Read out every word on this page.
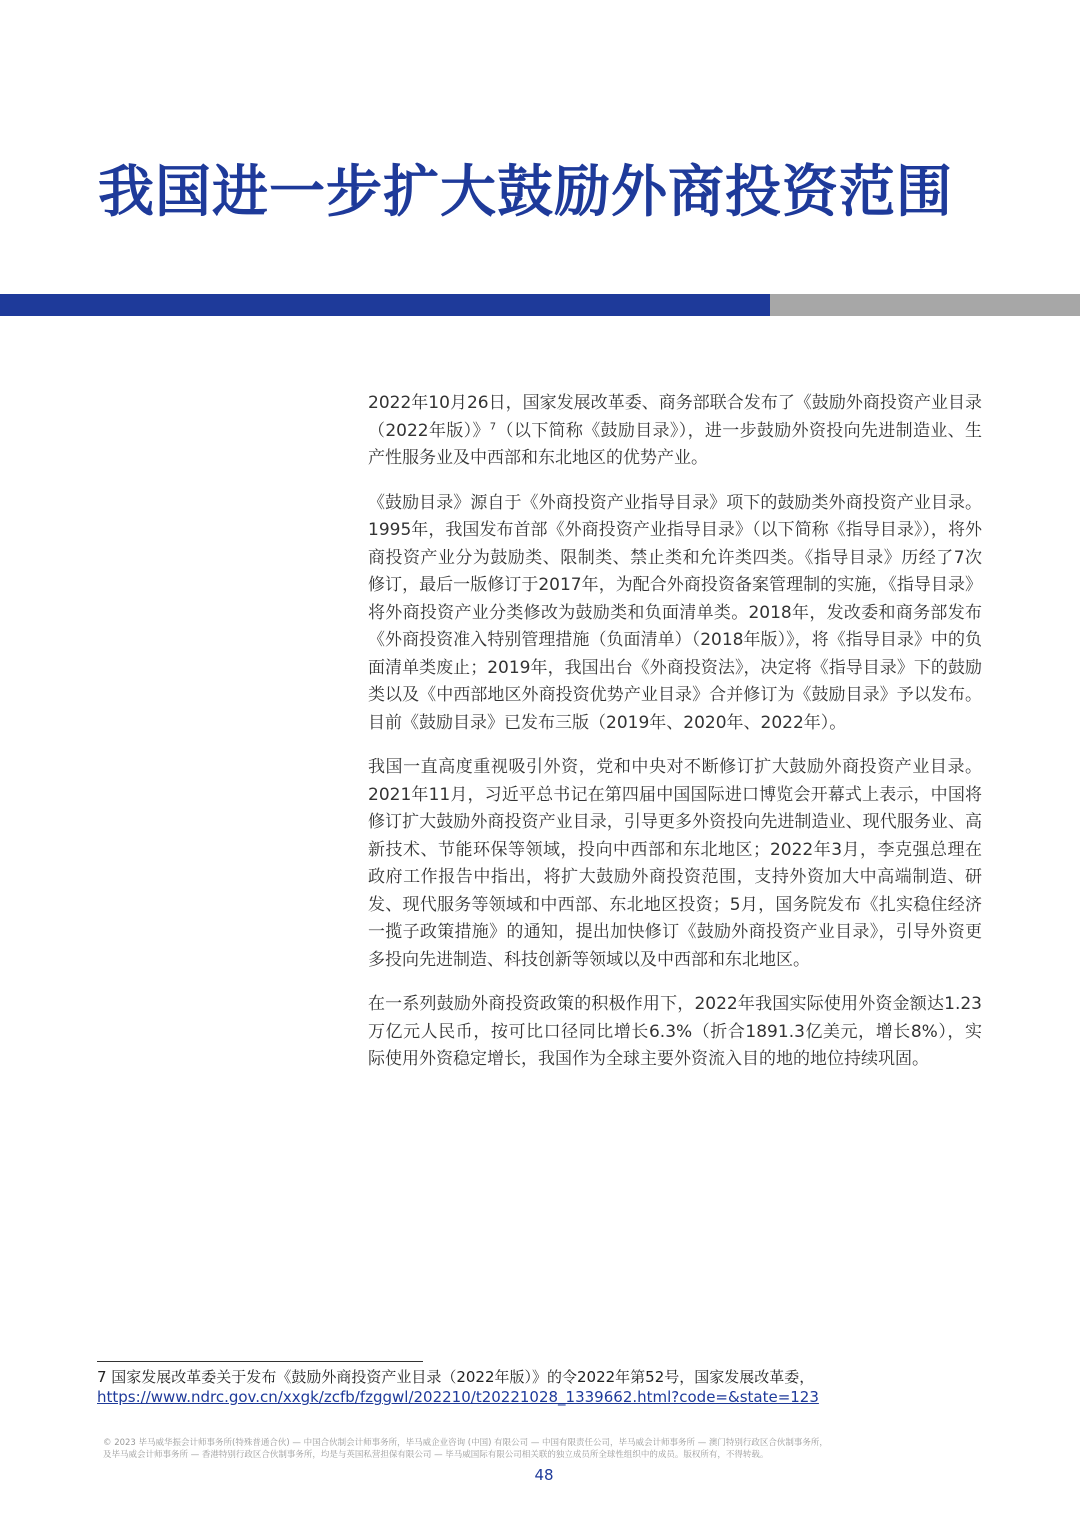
我国进一步扩大鼓励外商投资范围

2022年10月26日，国家发展改革委、商务部联合发布了《鼓励外商投资产业目录（2022年版）》$^7$（以下简称《鼓励目录》），进一步鼓励外资投向先进制造业、生产性服务业及中西部和东北地区的优势产业。

《鼓励目录》源自于《外商投资产业指导目录》项下的鼓励类外商投资产业目录。1995年，我国发布首部《外商投资产业指导目录》（以下简称《指导目录》），将外商投资产业分为鼓励类、限制类、禁止类和允许类四类。《指导目录》历经了7次修订，最后一版修订于2017年，为配合外商投资备案管理制的实施，《指导目录》将外商投资产业分类修改为鼓励类和负面清单类。2018年，发改委和商务部发布《外商投资准入特别管理措施（负面清单）（2018年版）》，将《指导目录》中的负面清单类废止；2019年，我国出台《外商投资法》，决定将《指导目录》下的鼓励类以及《中西部地区外商投资优势产业目录》合并修订为《鼓励目录》予以发布。目前《鼓励目录》已发布三版（2019年、2020年、2022年）。

我国一直高度重视吸引外资，党和中央对不断修订扩大鼓励外商投资产业目录。2021年11月，习近平总书记在第四届中国国际进口博览会开幕式上表示，中国将修订扩大鼓励外商投资产业目录，引导更多外资投向先进制造业、现代服务业、高新技术、节能环保等领域，投向中西部和东北地区；2022年3月，李克强总理在政府工作报告中指出，将扩大鼓励外商投资范围，支持外资加大中高端制造、研发、现代服务等领域和中西部、东北地区投资；5月，国务院发布《扎实稳住经济一揽子政策措施》的通知，提出加快修订《鼓励外商投资产业目录》，引导外资更多投向先进制造、科技创新等领域以及中西部和东北地区。

在一系列鼓励外商投资政策的积极作用下，2022年我国实际使用外资金额达1.23万亿元人民币，按可比口径同比增长6.3%（折合1891.3亿美元，增长8%），实际使用外资稳定增长，我国作为全球主要外资流入目的地的地位持续巩固。

7 国家发展改革委关于发布《鼓励外商投资产业目录（2022年版）》的令2022年第52号，国家发展改革委，
https://www.ndrc.gov.cn/xxgk/zcfb/fzggwl/202210/t20221028_1339662.html?code=&state=123
© 2023 毕马威华振会计师事务所(特殊普通合伙) — 中国合伙制会计师事务所，毕马威企业咨询 (中国) 有限公司 — 中国有限责任公司，毕马威会计师事务所 — 澳门特别行政区合伙制事务所，
及毕马威会计师事务所 — 香港特别行政区合伙制事务所，均是与英国私营担保有限公司 — 毕马威国际有限公司相关联的独立成员所全球性组织中的成员。版权所有，不得转载。
48
